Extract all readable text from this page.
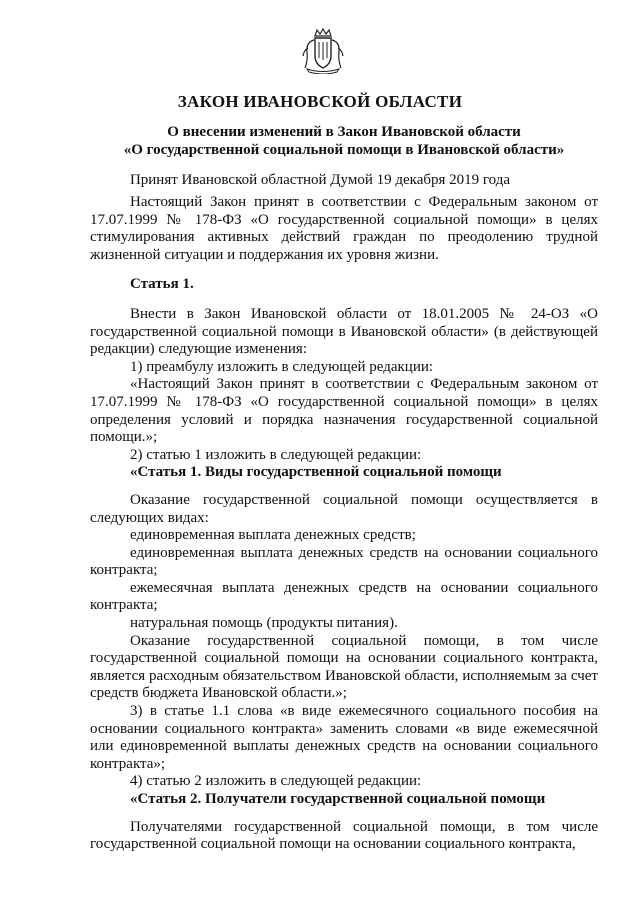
ЗАКОН ИВАНОВСКОЙ ОБЛАСТИ
О внесении изменений в Закон Ивановской области
«О государственной социальной помощи в Ивановской области»
Принят Ивановской областной Думой 19 декабря 2019 года

Настоящий Закон принят в соответствии с Федеральным законом от 17.07.1999 № 178-ФЗ «О государственной социальной помощи» в целях стимулирования активных действий граждан по преодолению трудной жизненной ситуации и поддержания их уровня жизни.

Статья 1.

Внести в Закон Ивановской области от 18.01.2005 № 24-ОЗ «О государственной социальной помощи в Ивановской области» (в действующей редакции) следующие изменения:

1) преамбулу изложить в следующей редакции:

«Настоящий Закон принят в соответствии с Федеральным законом от 17.07.1999 № 178-ФЗ «О государственной социальной помощи» в целях определения условий и порядка назначения государственной социальной помощи.»;

2) статью 1 изложить в следующей редакции:

«Статья 1. Виды государственной социальной помощи

Оказание государственной социальной помощи осуществляется в следующих видах:

единовременная выплата денежных средств;

единовременная выплата денежных средств на основании социального контракта;

ежемесячная выплата денежных средств на основании социального контракта;

натуральная помощь (продукты питания).

Оказание государственной социальной помощи, в том числе государственной социальной помощи на основании социального контракта, является расходным обязательством Ивановской области, исполняемым за счет средств бюджета Ивановской области.»;

3) в статье 1.1 слова «в виде ежемесячного социального пособия на основании социального контракта» заменить словами «в виде ежемесячной или единовременной выплаты денежных средств на основании социального контракта»;

4) статью 2 изложить в следующей редакции:

«Статья 2. Получатели государственной социальной помощи

Получателями государственной социальной помощи, в том числе государственной социальной помощи на основании социального контракта,
